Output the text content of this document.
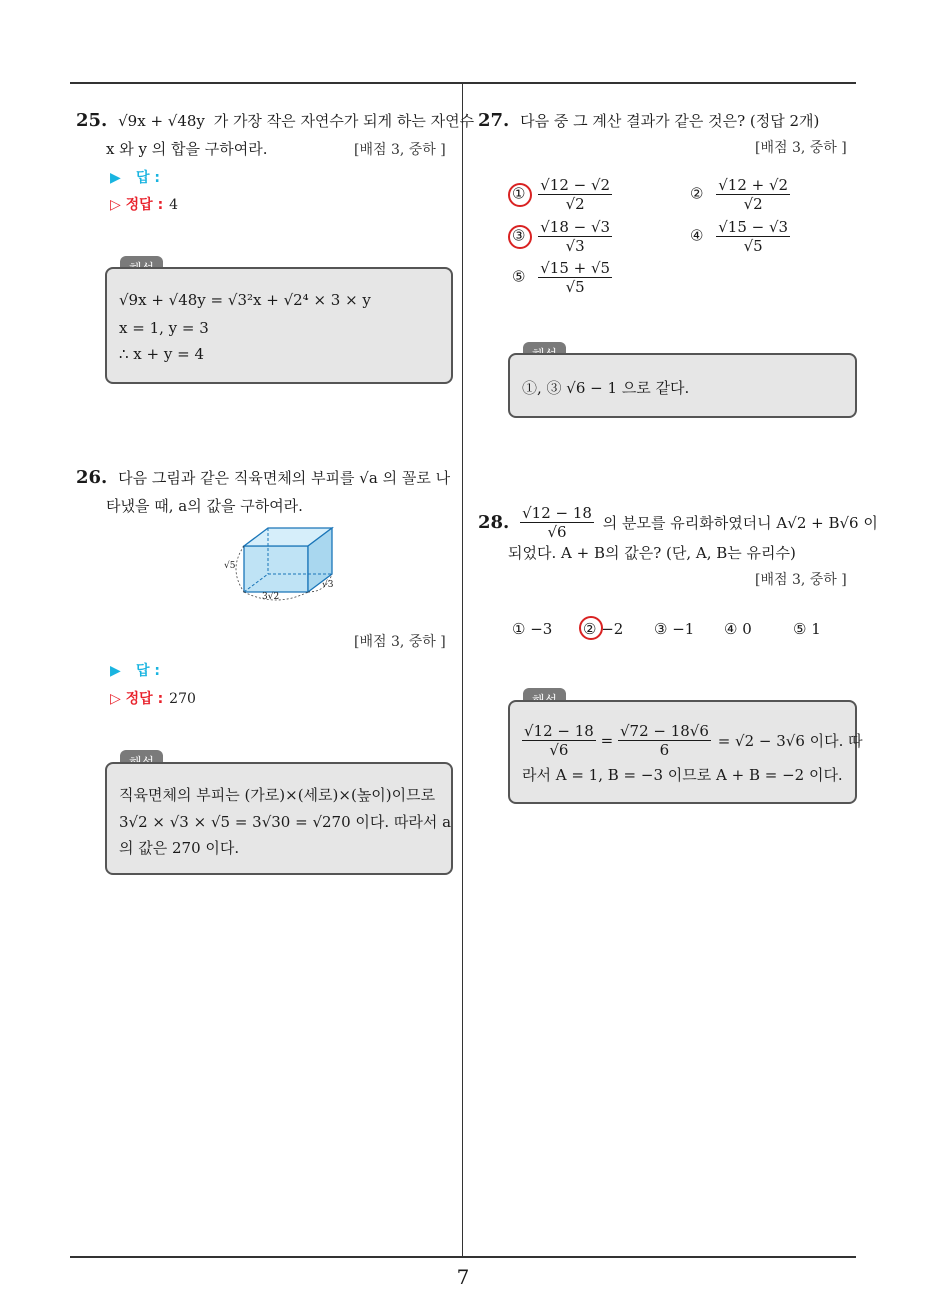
25. √9x + √48y 가 가장 작은 자연수가 되게 하는 자연수
x 와 y 의 합을 구하여라.	[배점 3, 중하 ]
▶ 답 :
▷ 정답 : 4
√9x + √48y = √3²x + √2⁴ × 3 × y
x = 1, y = 3
∴ x + y = 4
26. 다음 그림과 같은 직육면체의 부피를 √a 의 꼴로 나
타냈을 때, a의 값을 구하여라.
√5
3√2
√3
[배점 3, 중하 ]
▶ 답 :
▷ 정답 : 270
직육면체의 부피는 (가로)×(세로)×(높이)이므로
3√2 × √3 × √5 = 3√30 = √270 이다. 따라서 a
의 값은 270 이다.
27. 다음 중 그 계산 결과가 같은 것은? (정답 2개)
[배점 3, 중하 ]
① $\frac{√12 - √2}{√2}$	② $\frac{√12 + √2}{√2}$
③ $\frac{√18 - √3}{√3}$	④ $\frac{√15 - √3}{√5}$
⑤ $\frac{√15 + √5}{√5}$
①, ③ √6 − 1 으로 같다.
28. $\frac{√12 - 18}{√6}$ 의 분모를 유리화하였더니 A√2 + B√6 이
되었다. A + B의 값은? (단, A, B는 유리수)
[배점 3, 중하 ]
① −3 ② −2 ③ −1 ④ 0	⑤ 1
$\frac{√12 - 18}{√6} = \frac{√72 - 18√6}{6} = √2 - 3√6$ 이다. 따
라서 A = 1, B = −3 이므로 A + B = −2 이다.
7
